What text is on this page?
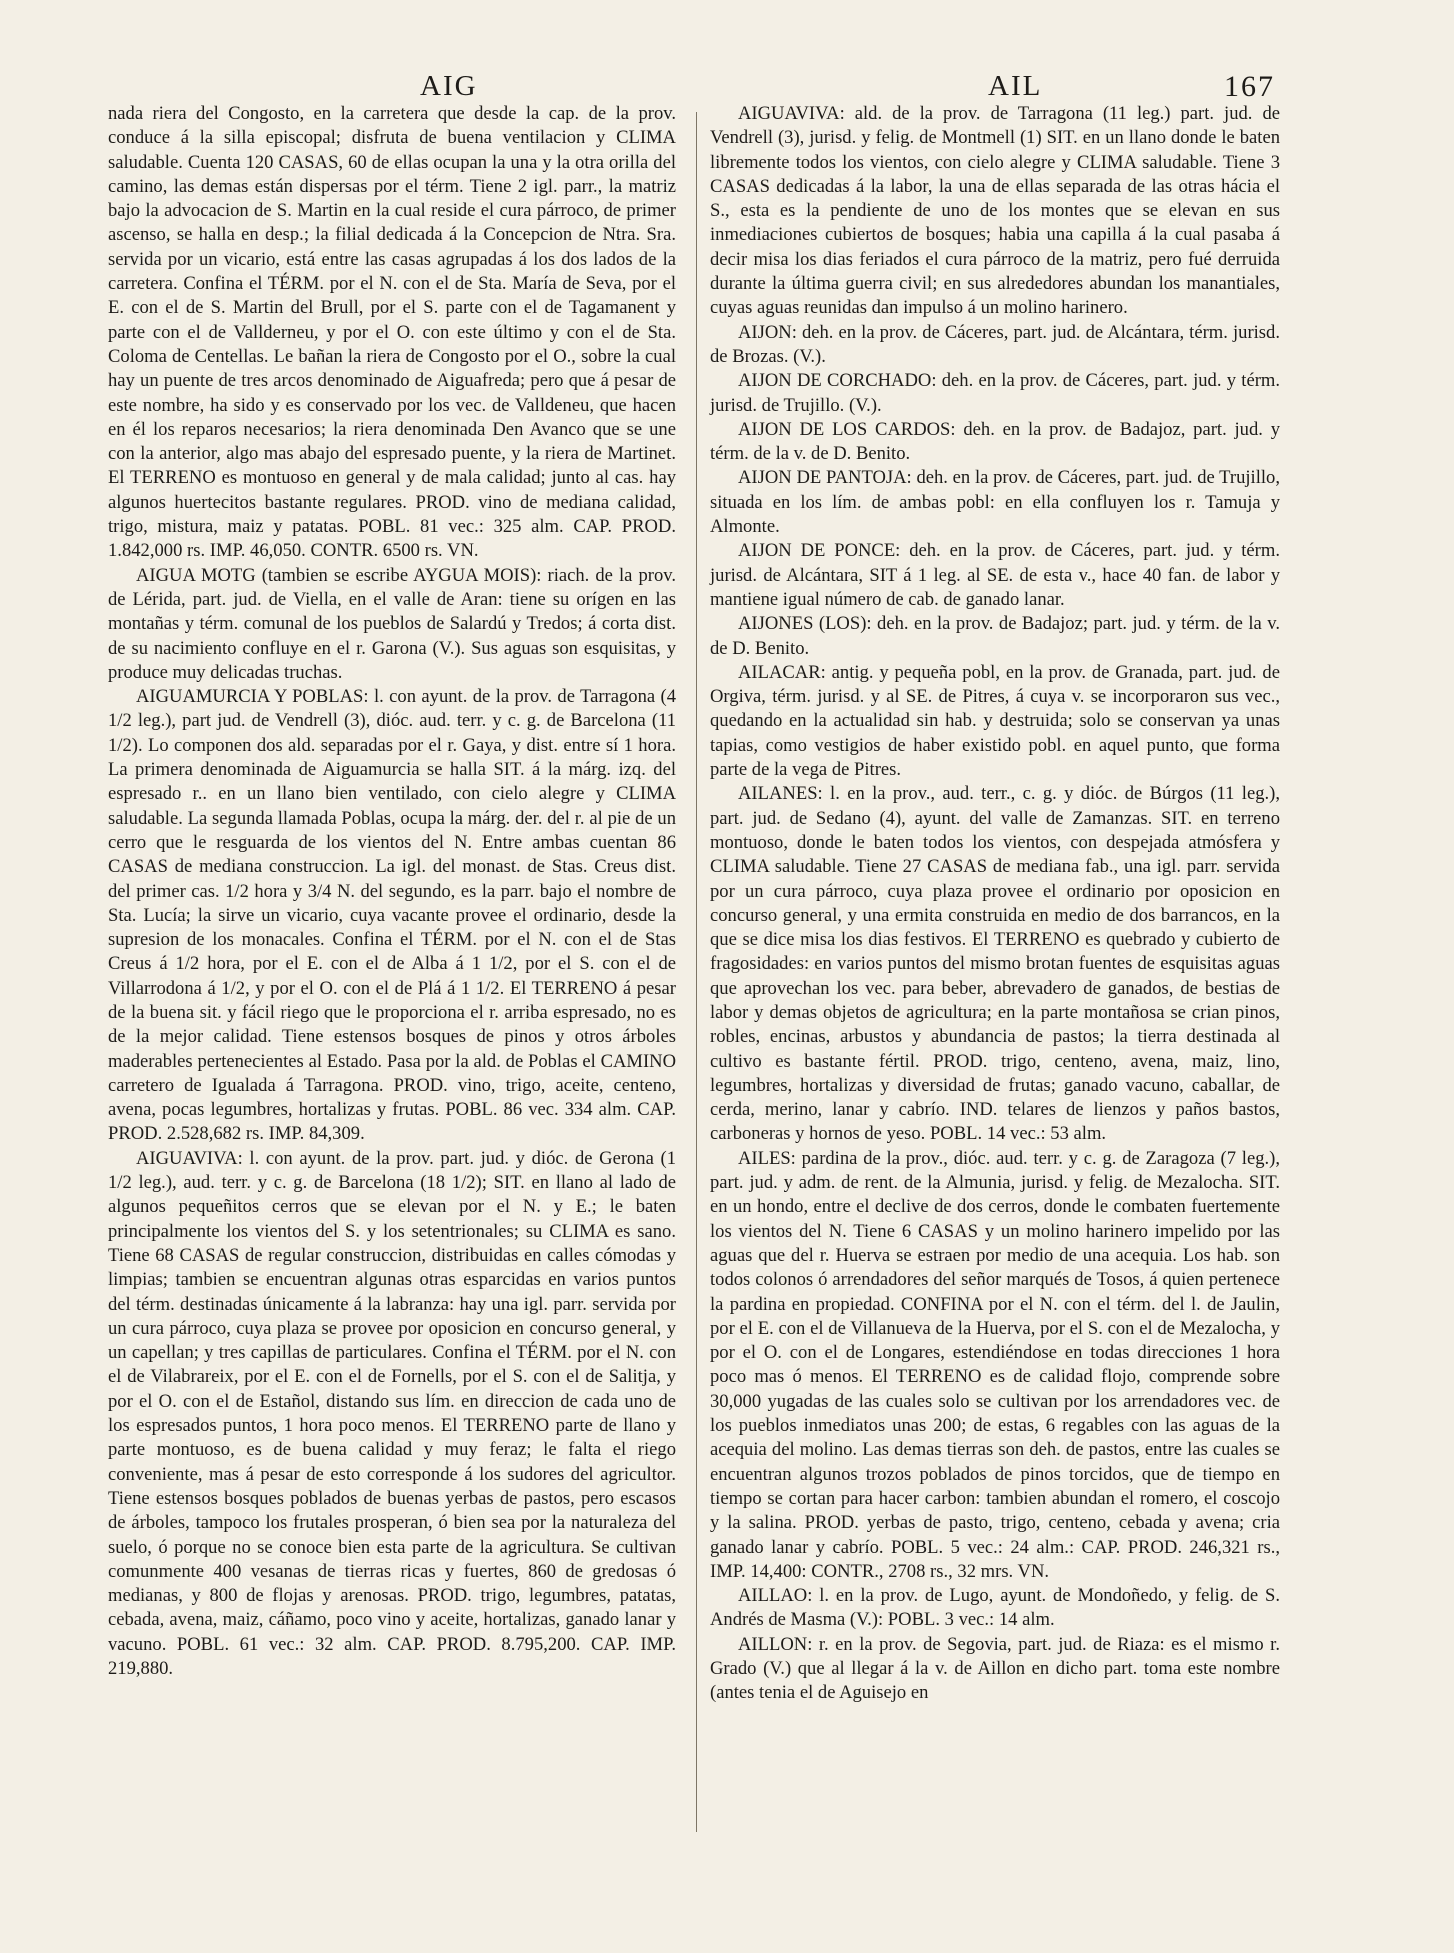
AIG	AIL	167

nada riera del Congosto, en la carretera que desde la cap. de la prov. conduce á la silla episcopal; disfruta de buena ventilacion y CLIMA saludable. Cuenta 120 CASAS, 60 de ellas ocupan la una y la otra orilla del camino, las demas están dispersas por el térm. Tiene 2 igl. parr., la matriz bajo la advocacion de S. Martin en la cual reside el cura párroco, de primer ascenso, se halla en desp.; la filial dedicada á la Concepcion de Ntra. Sra. servida por un vicario, está entre las casas agrupadas á los dos lados de la carretera. Confina el TÉRM. por el N. con el de Sta. María de Seva, por el E. con el de S. Martin del Brull, por el S. parte con el de Tagamanent y parte con el de Vallderneu, y por el O. con este último y con el de Sta. Coloma de Centellas. Le bañan la riera de Congosto por el O., sobre la cual hay un puente de tres arcos denominado de Aiguafreda; pero que á pesar de este nombre, ha sido y es conservado por los vec. de Valldeneu, que hacen en él los reparos necesarios; la riera denominada Den Avanco que se une con la anterior, algo mas abajo del espresado puente, y la riera de Martinet. El TERRENO es montuoso en general y de mala calidad; junto al cas. hay algunos huertecitos bastante regulares. PROD. vino de mediana calidad, trigo, mistura, maiz y patatas. POBL. 81 vec.: 325 alm. CAP. PROD. 1.842,000 rs. IMP. 46,050. CONTR. 6500 rs. VN.

AIGUA MOTG (tambien se escribe AYGUA MOIS): riach. de la prov. de Lérida, part. jud. de Viella, en el valle de Aran: tiene su orígen en las montañas y térm. comunal de los pueblos de Salardú y Tredos; á corta dist. de su nacimiento confluye en el r. Garona (V.). Sus aguas son esquisitas, y produce muy delicadas truchas.

AIGUAMURCIA Y POBLAS: l. con ayunt. de la prov. de Tarragona (4 1/2 leg.), part jud. de Vendrell (3), dióc. aud. terr. y c. g. de Barcelona (11 1/2). Lo componen dos ald. separadas por el r. Gaya, y dist. entre sí 1 hora. La primera denominada de Aiguamurcia se halla SIT. á la márg. izq. del espresado r.. en un llano bien ventilado, con cielo alegre y CLIMA saludable. La segunda llamada Poblas, ocupa la márg. der. del r. al pie de un cerro que le resguarda de los vientos del N. Entre ambas cuentan 86 CASAS de mediana construccion. La igl. del monast. de Stas. Creus dist. del primer cas. 1/2 hora y 3/4 N. del segundo, es la parr. bajo el nombre de Sta. Lucía; la sirve un vicario, cuya vacante provee el ordinario, desde la supresion de los monacales. Confina el TÉRM. por el N. con el de Stas Creus á 1/2 hora, por el E. con el de Alba á 1 1/2, por el S. con el de Villarrodona á 1/2, y por el O. con el de Plá á 1 1/2. El TERRENO á pesar de la buena sit. y fácil riego que le proporciona el r. arriba espresado, no es de la mejor calidad. Tiene estensos bosques de pinos y otros árboles maderables pertenecientes al Estado. Pasa por la ald. de Poblas el CAMINO carretero de Igualada á Tarragona. PROD. vino, trigo, aceite, centeno, avena, pocas legumbres, hortalizas y frutas. POBL. 86 vec. 334 alm. CAP. PROD. 2.528,682 rs. IMP. 84,309.

AIGUAVIVA: l. con ayunt. de la prov. part. jud. y dióc. de Gerona (1 1/2 leg.), aud. terr. y c. g. de Barcelona (18 1/2); SIT. en llano al lado de algunos pequeñitos cerros que se elevan por el N. y E.; le baten principalmente los vientos del S. y los setentrionales; su CLIMA es sano. Tiene 68 CASAS de regular construccion, distribuidas en calles cómodas y limpias; tambien se encuentran algunas otras esparcidas en varios puntos del térm. destinadas únicamente á la labranza: hay una igl. parr. servida por un cura párroco, cuya plaza se provee por oposicion en concurso general, y un capellan; y tres capillas de particulares. Confina el TÉRM. por el N. con el de Vilabrareix, por el E. con el de Fornells, por el S. con el de Salitja, y por el O. con el de Estañol, distando sus lím. en direccion de cada uno de los espresados puntos, 1 hora poco menos. El TERRENO parte de llano y parte montuoso, es de buena calidad y muy feraz; le falta el riego conveniente, mas á pesar de esto corresponde á los sudores del agricultor. Tiene estensos bosques poblados de buenas yerbas de pastos, pero escasos de árboles, tampoco los frutales prosperan, ó bien sea por la naturaleza del suelo, ó porque no se conoce bien esta parte de la agricultura. Se cultivan comunmente 400 vesanas de tierras ricas y fuertes, 860 de gredosas ó medianas, y 800 de flojas y arenosas. PROD. trigo, legumbres, patatas, cebada, avena, maiz, cáñamo, poco vino y aceite, hortalizas, ganado lanar y vacuno. POBL. 61 vec.: 32 alm. CAP. PROD. 8.795,200. CAP. IMP. 219,880.

AIGUAVIVA: ald. de la prov. de Tarragona (11 leg.) part. jud. de Vendrell (3), jurisd. y felig. de Montmell (1) SIT. en un llano donde le baten libremente todos los vientos, con cielo alegre y CLIMA saludable. Tiene 3 CASAS dedicadas á la labor, la una de ellas separada de las otras hácia el S., esta es la pendiente de uno de los montes que se elevan en sus inmediaciones cubiertos de bosques; habia una capilla á la cual pasaba á decir misa los dias feriados el cura párroco de la matriz, pero fué derruida durante la última guerra civil; en sus alrededores abundan los manantiales, cuyas aguas reunidas dan impulso á un molino harinero.

AIJON: deh. en la prov. de Cáceres, part. jud. de Alcántara, térm. jurisd. de Brozas. (V.).

AIJON DE CORCHADO: deh. en la prov. de Cáceres, part. jud. y térm. jurisd. de Trujillo. (V.).

AIJON DE LOS CARDOS: deh. en la prov. de Badajoz, part. jud. y térm. de la v. de D. Benito.

AIJON DE PANTOJA: deh. en la prov. de Cáceres, part. jud. de Trujillo, situada en los lím. de ambas pobl: en ella confluyen los r. Tamuja y Almonte.

AIJON DE PONCE: deh. en la prov. de Cáceres, part. jud. y térm. jurisd. de Alcántara, SIT á 1 leg. al SE. de esta v., hace 40 fan. de labor y mantiene igual número de cab. de ganado lanar.

AIJONES (LOS): deh. en la prov. de Badajoz; part. jud. y térm. de la v. de D. Benito.

AILACAR: antig. y pequeña pobl, en la prov. de Granada, part. jud. de Orgiva, térm. jurisd. y al SE. de Pitres, á cuya v. se incorporaron sus vec., quedando en la actualidad sin hab. y destruida; solo se conservan ya unas tapias, como vestigios de haber existido pobl. en aquel punto, que forma parte de la vega de Pitres.

AILANES: l. en la prov., aud. terr., c. g. y dióc. de Búrgos (11 leg.), part. jud. de Sedano (4), ayunt. del valle de Zamanzas. SIT. en terreno montuoso, donde le baten todos los vientos, con despejada atmósfera y CLIMA saludable. Tiene 27 CASAS de mediana fab., una igl. parr. servida por un cura párroco, cuya plaza provee el ordinario por oposicion en concurso general, y una ermita construida en medio de dos barrancos, en la que se dice misa los dias festivos. El TERRENO es quebrado y cubierto de fragosidades: en varios puntos del mismo brotan fuentes de esquisitas aguas que aprovechan los vec. para beber, abrevadero de ganados, de bestias de labor y demas objetos de agricultura; en la parte montañosa se crian pinos, robles, encinas, arbustos y abundancia de pastos; la tierra destinada al cultivo es bastante fértil. PROD. trigo, centeno, avena, maiz, lino, legumbres, hortalizas y diversidad de frutas; ganado vacuno, caballar, de cerda, merino, lanar y cabrío. IND. telares de lienzos y paños bastos, carboneras y hornos de yeso. POBL. 14 vec.: 53 alm.

AILES: pardina de la prov., dióc. aud. terr. y c. g. de Zaragoza (7 leg.), part. jud. y adm. de rent. de la Almunia, jurisd. y felig. de Mezalocha. SIT. en un hondo, entre el declive de dos cerros, donde le combaten fuertemente los vientos del N. Tiene 6 CASAS y un molino harinero impelido por las aguas que del r. Huerva se estraen por medio de una acequia. Los hab. son todos colonos ó arrendadores del señor marqués de Tosos, á quien pertenece la pardina en propiedad. CONFINA por el N. con el térm. del l. de Jaulin, por el E. con el de Villanueva de la Huerva, por el S. con el de Mezalocha, y por el O. con el de Longares, estendiéndose en todas direcciones 1 hora poco mas ó menos. El TERRENO es de calidad flojo, comprende sobre 30,000 yugadas de las cuales solo se cultivan por los arrendadores vec. de los pueblos inmediatos unas 200; de estas, 6 regables con las aguas de la acequia del molino. Las demas tierras son deh. de pastos, entre las cuales se encuentran algunos trozos poblados de pinos torcidos, que de tiempo en tiempo se cortan para hacer carbon: tambien abundan el romero, el coscojo y la salina. PROD. yerbas de pasto, trigo, centeno, cebada y avena; cria ganado lanar y cabrío. POBL. 5 vec.: 24 alm.: CAP. PROD. 246,321 rs., IMP. 14,400: CONTR., 2708 rs., 32 mrs. VN.

AILLAO: l. en la prov. de Lugo, ayunt. de Mondoñedo, y felig. de S. Andrés de Masma (V.): POBL. 3 vec.: 14 alm.

AILLON: r. en la prov. de Segovia, part. jud. de Riaza: es el mismo r. Grado (V.) que al llegar á la v. de Aillon en dicho part. toma este nombre (antes tenia el de Aguisejo en
